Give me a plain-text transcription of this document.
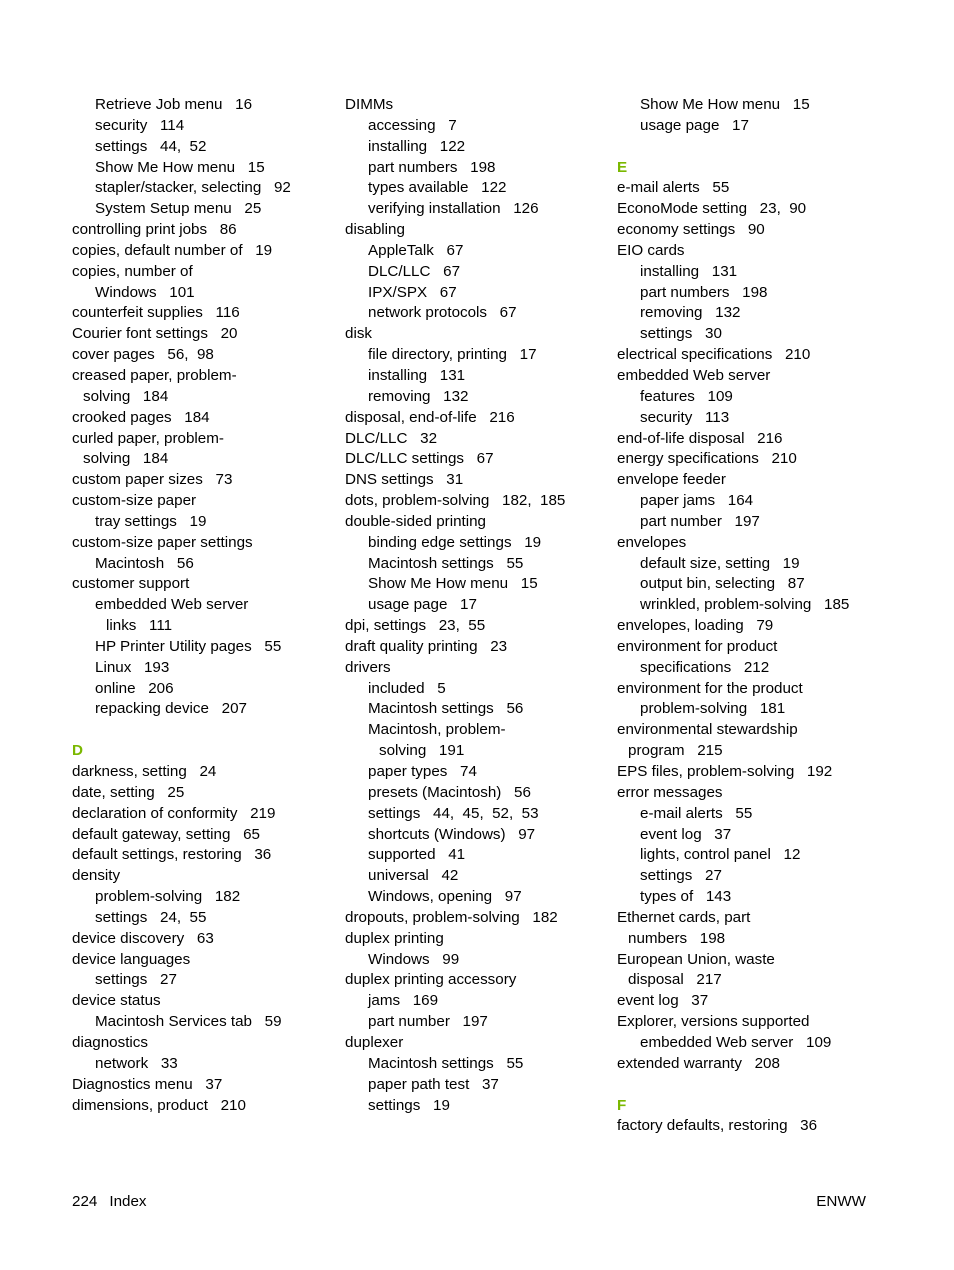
Retrieve Job menu   16
security   114
settings   44,  52
Show Me How menu   15
stapler/stacker, selecting   92
System Setup menu   25
controlling print jobs   86
copies, default number of   19
copies, number of
Windows   101
counterfeit supplies   116
Courier font settings   20
cover pages   56,  98
creased paper, problem-
solving   184
crooked pages   184
curled paper, problem-
solving   184
custom paper sizes   73
custom-size paper
tray settings   19
custom-size paper settings
Macintosh   56
customer support
embedded Web server
links   111
HP Printer Utility pages   55
Linux   193
online   206
repacking device   207
D
darkness, setting   24
date, setting   25
declaration of conformity   219
default gateway, setting   65
default settings, restoring   36
density
problem-solving   182
settings   24,  55
device discovery   63
device languages
settings   27
device status
Macintosh Services tab   59
diagnostics
network   33
Diagnostics menu   37
dimensions, product   210
DIMMs
accessing   7
installing   122
part numbers   198
types available   122
verifying installation   126
disabling
AppleTalk   67
DLC/LLC   67
IPX/SPX   67
network protocols   67
disk
file directory, printing   17
installing   131
removing   132
disposal, end-of-life   216
DLC/LLC   32
DLC/LLC settings   67
DNS settings   31
dots, problem-solving   182,  185
double-sided printing
binding edge settings   19
Macintosh settings   55
Show Me How menu   15
usage page   17
dpi, settings   23,  55
draft quality printing   23
drivers
included   5
Macintosh settings   56
Macintosh, problem-
solving   191
paper types   74
presets (Macintosh)   56
settings   44,  45,  52,  53
shortcuts (Windows)   97
supported   41
universal   42
Windows, opening   97
dropouts, problem-solving   182
duplex printing
Windows   99
duplex printing accessory
jams   169
part number   197
duplexer
Macintosh settings   55
paper path test   37
settings   19
Show Me How menu   15
usage page   17
E
e-mail alerts   55
EconoMode setting   23,  90
economy settings   90
EIO cards
installing   131
part numbers   198
removing   132
settings   30
electrical specifications   210
embedded Web server
features   109
security   113
end-of-life disposal   216
energy specifications   210
envelope feeder
paper jams   164
part number   197
envelopes
default size, setting   19
output bin, selecting   87
wrinkled, problem-solving   185
envelopes, loading   79
environment for product
specifications   212
environment for the product
problem-solving   181
environmental stewardship
program   215
EPS files, problem-solving   192
error messages
e-mail alerts   55
event log   37
lights, control panel   12
settings   27
types of   143
Ethernet cards, part
numbers   198
European Union, waste
disposal   217
event log   37
Explorer, versions supported
embedded Web server   109
extended warranty   208
F
factory defaults, restoring   36
224 Index	ENWW
